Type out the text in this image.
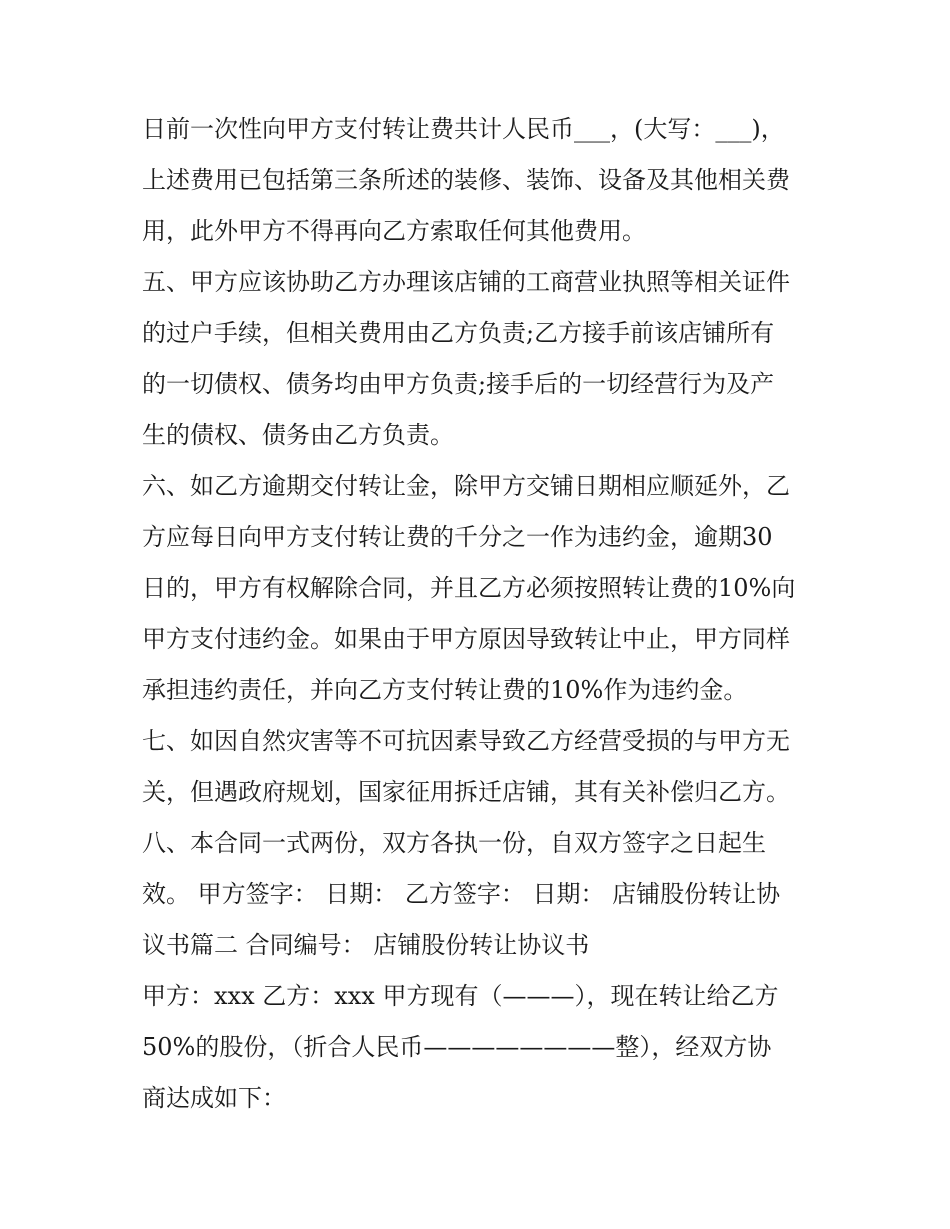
日前一次性向甲方支付转让费共计人民币___，(大写：___)，
上述费用已包括第三条所述的装修、装饰、设备及其他相关费
用，此外甲方不得再向乙方索取任何其他费用。
五、甲方应该协助乙方办理该店铺的工商营业执照等相关证件
的过户手续，但相关费用由乙方负责;乙方接手前该店铺所有
的一切债权、债务均由甲方负责;接手后的一切经营行为及产
生的债权、债务由乙方负责。
六、如乙方逾期交付转让金，除甲方交铺日期相应顺延外，乙
方应每日向甲方支付转让费的千分之一作为违约金，逾期30
日的，甲方有权解除合同，并且乙方必须按照转让费的10%向
甲方支付违约金。如果由于甲方原因导致转让中止，甲方同样
承担违约责任，并向乙方支付转让费的10%作为违约金。
七、如因自然灾害等不可抗因素导致乙方经营受损的与甲方无
关，但遇政府规划，国家征用拆迁店铺，其有关补偿归乙方。
八、本合同一式两份，双方各执一份，自双方签字之日起生
效。 甲方签字： 日期： 乙方签字： 日期： 店铺股份转让协
议书篇二 合同编号： 店铺股份转让协议书
甲方：xxx 乙方：xxx 甲方现有（———），现在转让给乙方
50%的股份，（折合人民币————————整），经双方协
商达成如下：
